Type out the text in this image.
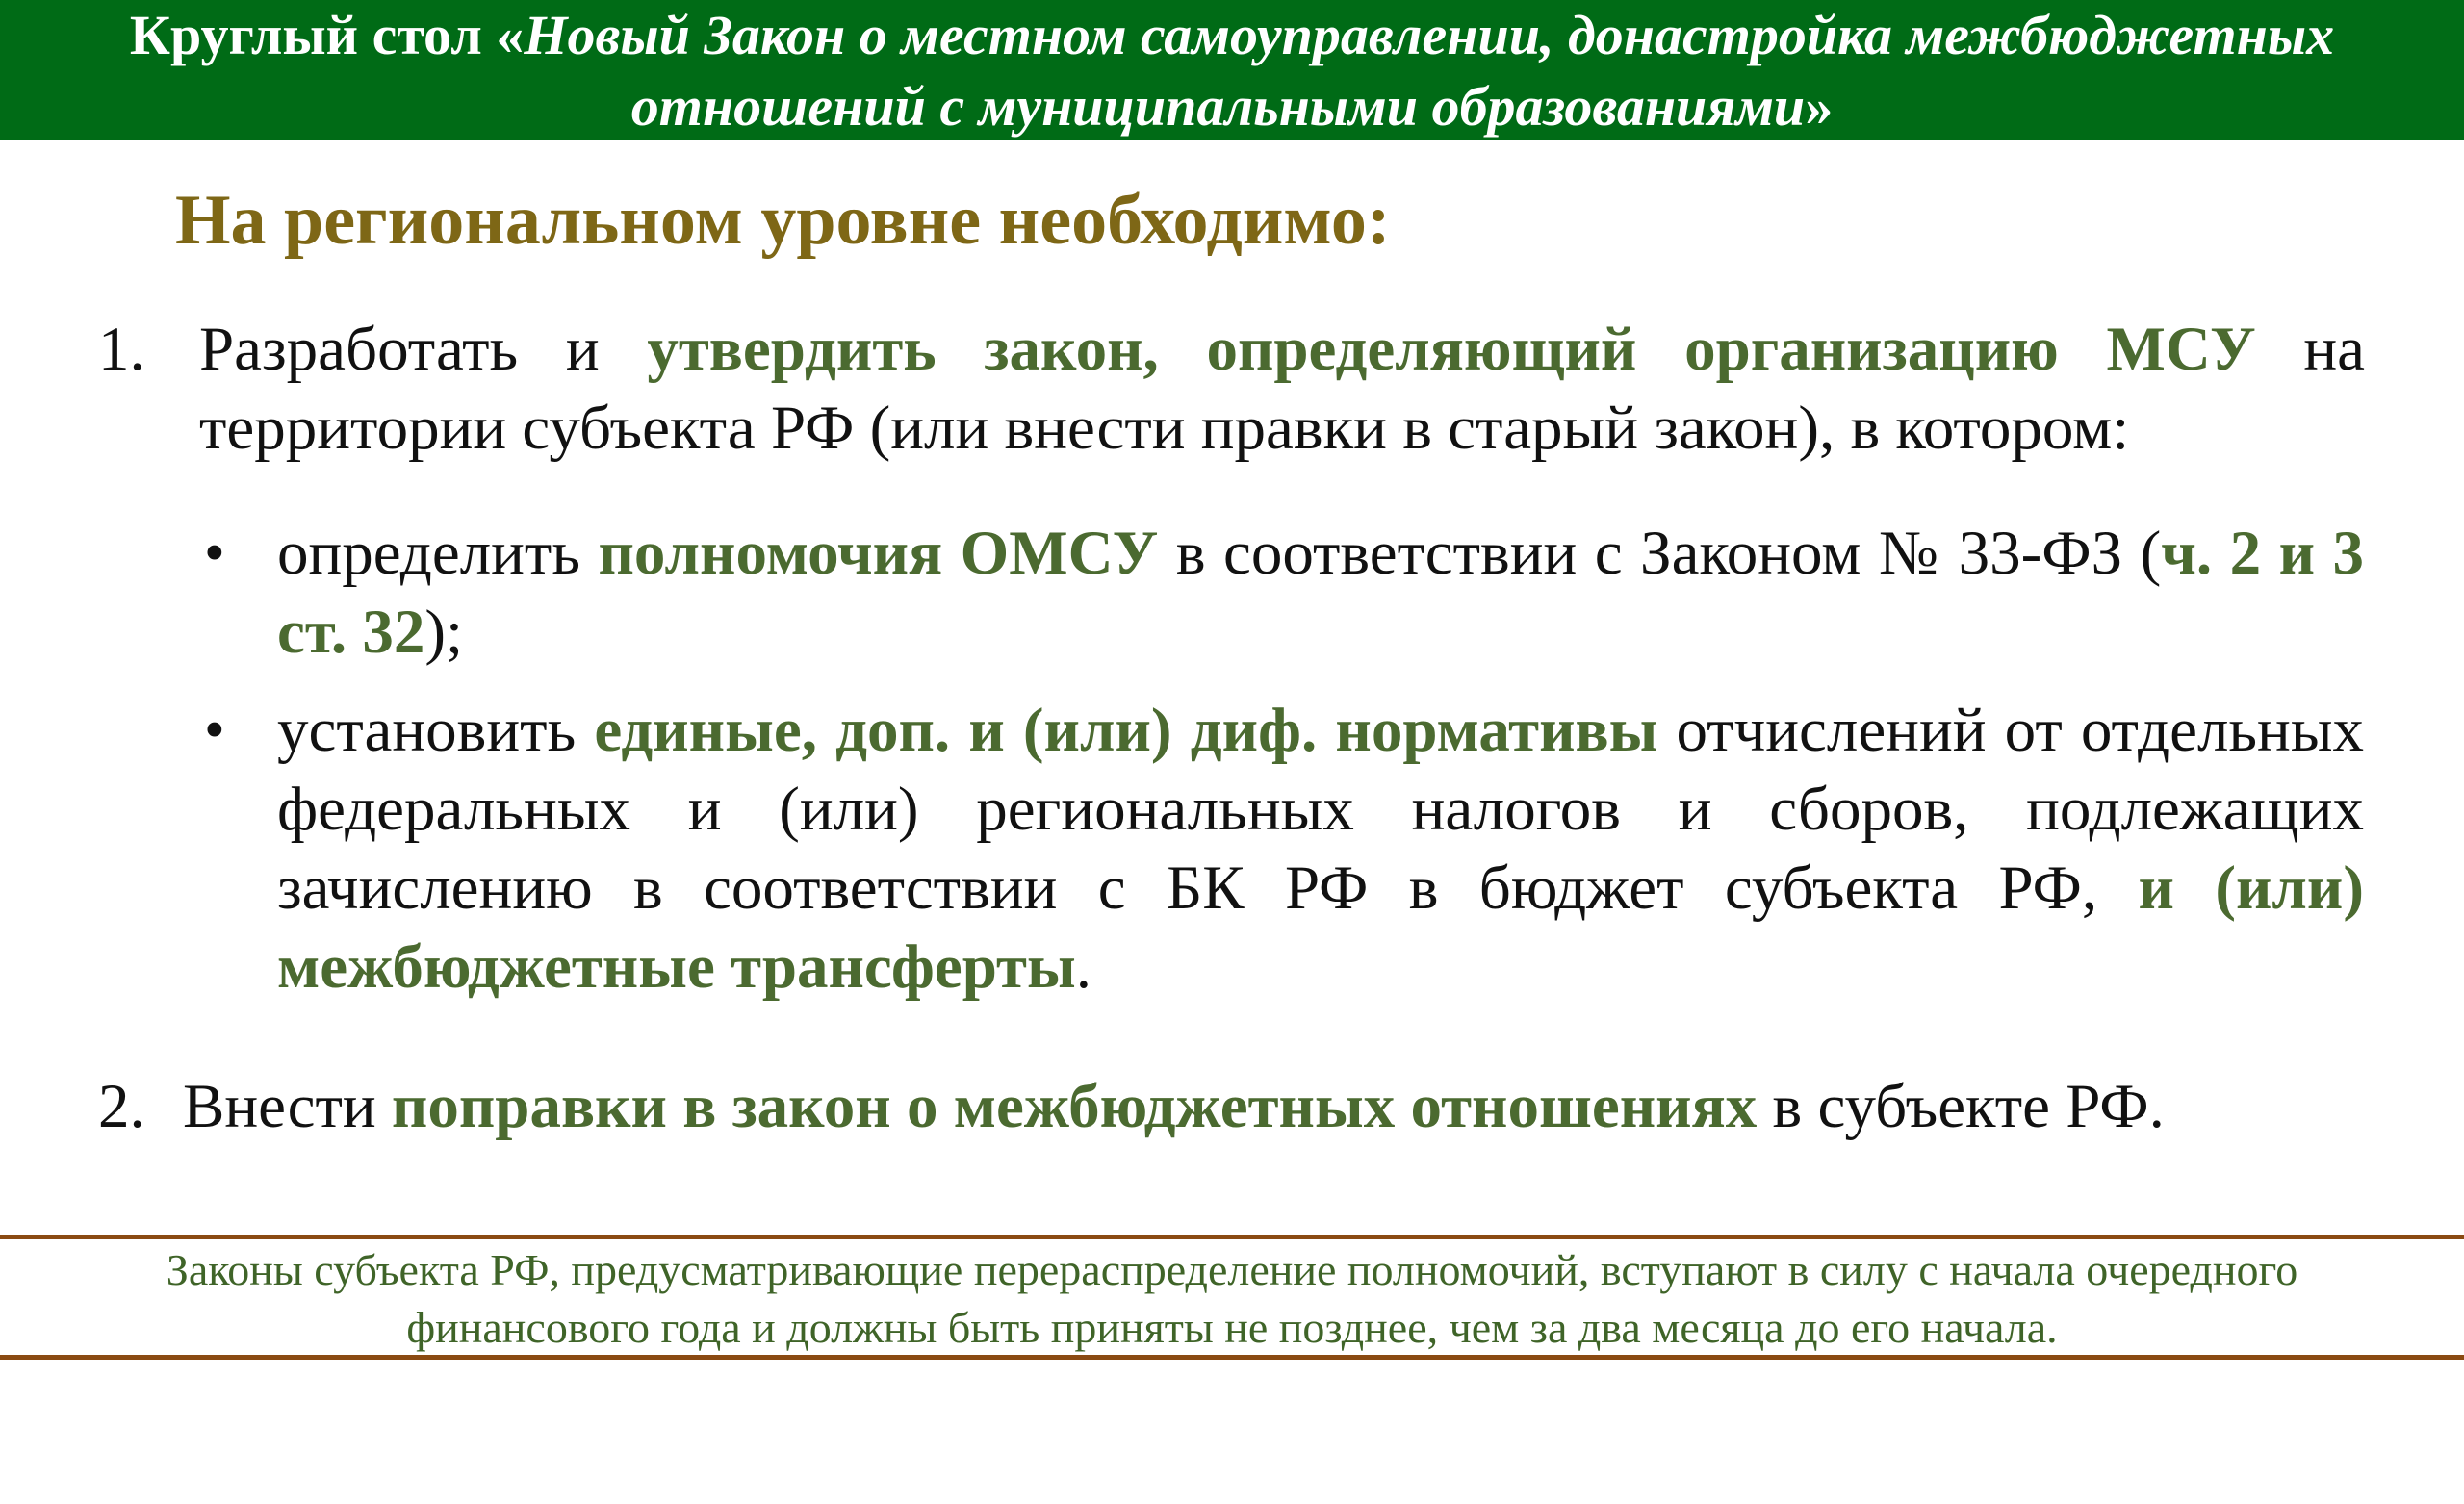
Круглый стол «Новый Закон о местном самоуправлении, донастройка межбюджетных
отношений с муниципальными образованиями»
На региональном уровне необходимо:
1. Разработать и утвердить закон, определяющий организацию МСУ на территории субъекта РФ (или внести правки в старый закон), в котором:
• определить полномочия ОМСУ в соответствии с Законом № 33-ФЗ (ч. 2 и 3 ст. 32);
• установить единые, доп. и (или) диф. нормативы отчислений от отдельных федеральных и (или) региональных налогов и сборов, подлежащих зачислению в соответствии с БК РФ в бюджет субъекта РФ, и (или) межбюджетные трансферты.
2. Внести поправки в закон о межбюджетных отношениях в субъекте РФ.
Законы субъекта РФ, предусматривающие перераспределение полномочий, вступают в силу с начала очередного
финансового года и должны быть приняты не позднее, чем за два месяца до его начала.
